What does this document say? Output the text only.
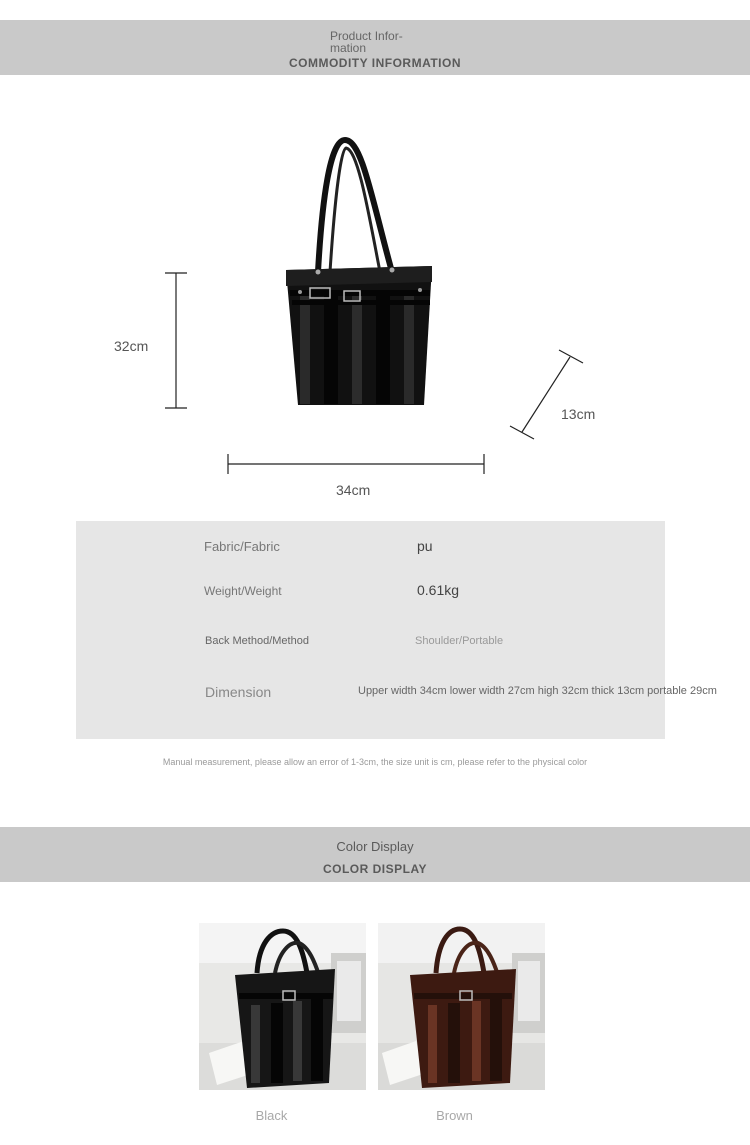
Product Infor-
mation
COMMODITY INFORMATION
32cm
34cm
13cm
Fabric/Fabric	pu
Weight/Weight	0.61kg
Back Method/Method	Shoulder/Portable
Dimension	Upper width 34cm lower width 27cm high 32cm thick 13cm portable 29cm
Manual measurement, please allow an error of 1-3cm, the size unit is cm, please refer to the physical color
Color Display
COLOR DISPLAY
Black	Brown
